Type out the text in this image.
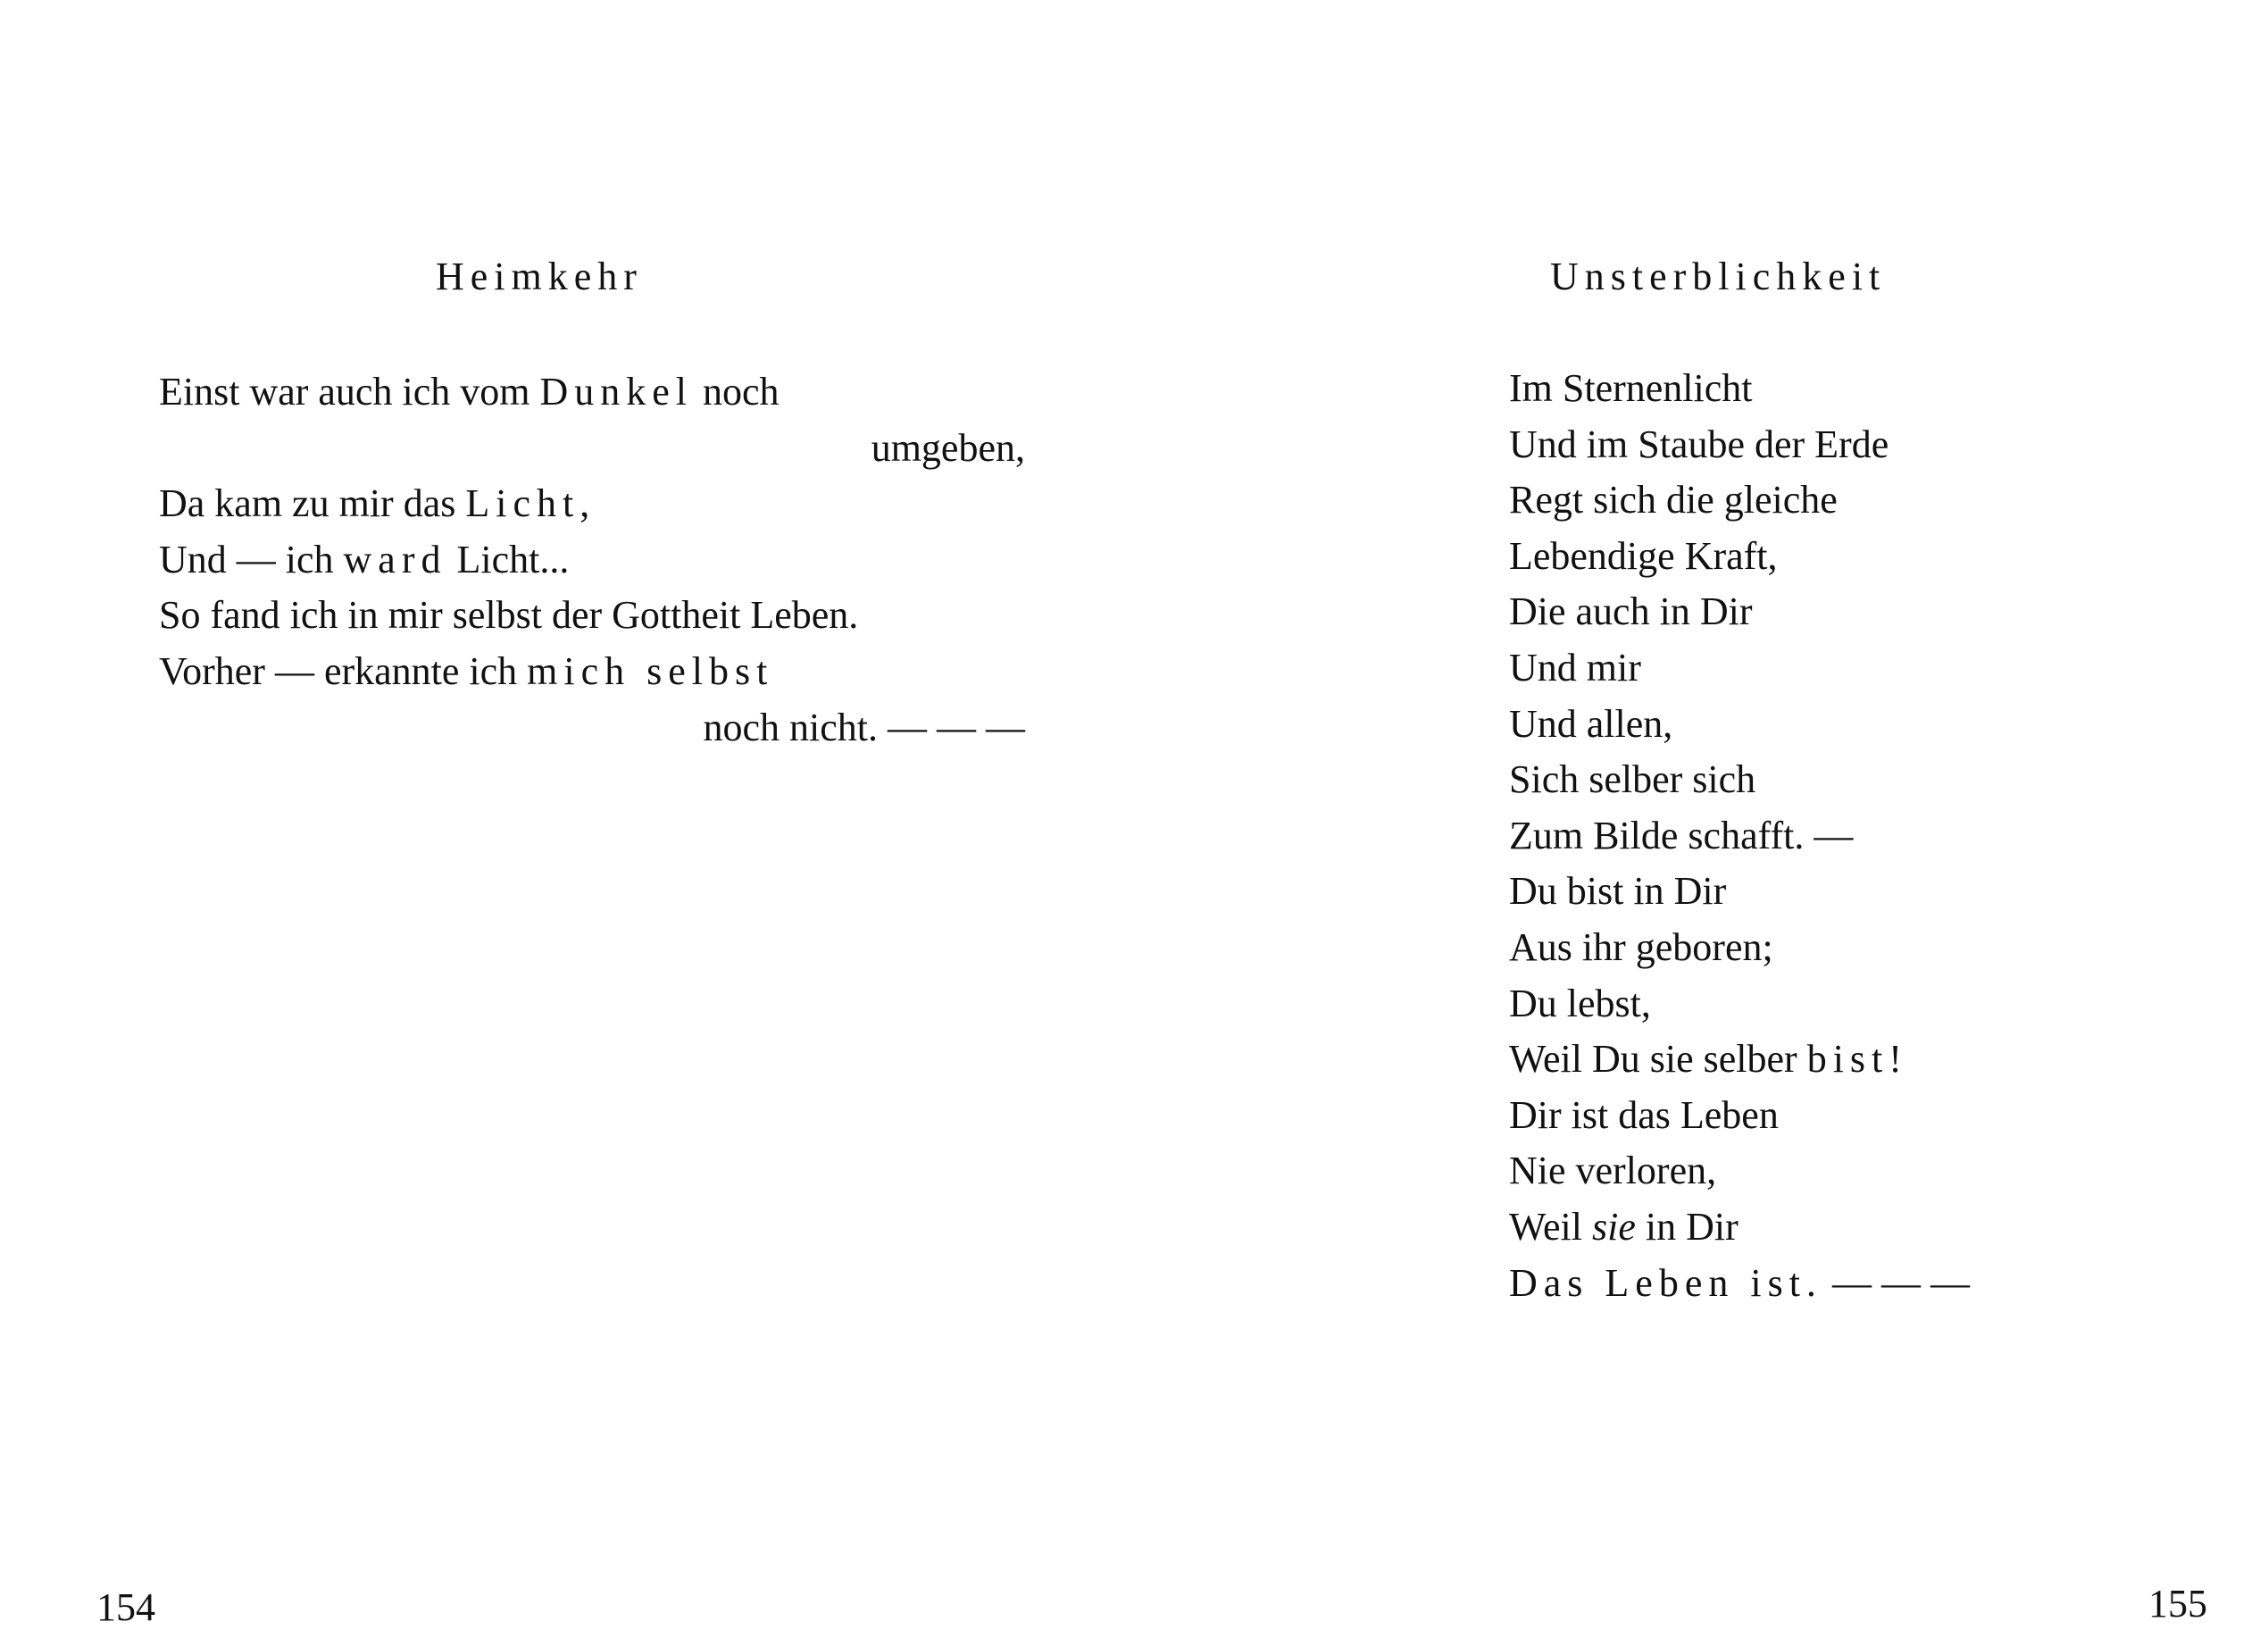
Heimkehr
Einst war auch ich vom Dunkel noch
umgeben,
Da kam zu mir das Licht,
Und — ich ward Licht...
So fand ich in mir selbst der Gottheit Leben.
Vorher — erkannte ich mich selbst
noch nicht. — — —
154
Unsterblichkeit
Im Sternenlicht
Und im Staube der Erde
Regt sich die gleiche
Lebendige Kraft,
Die auch in Dir
Und mir
Und allen,
Sich selber sich
Zum Bilde schafft. —
Du bist in Dir
Aus ihr geboren;
Du lebst,
Weil Du sie selber bist!
Dir ist das Leben
Nie verloren,
Weil sie in Dir
Das Leben ist. — — —
155
